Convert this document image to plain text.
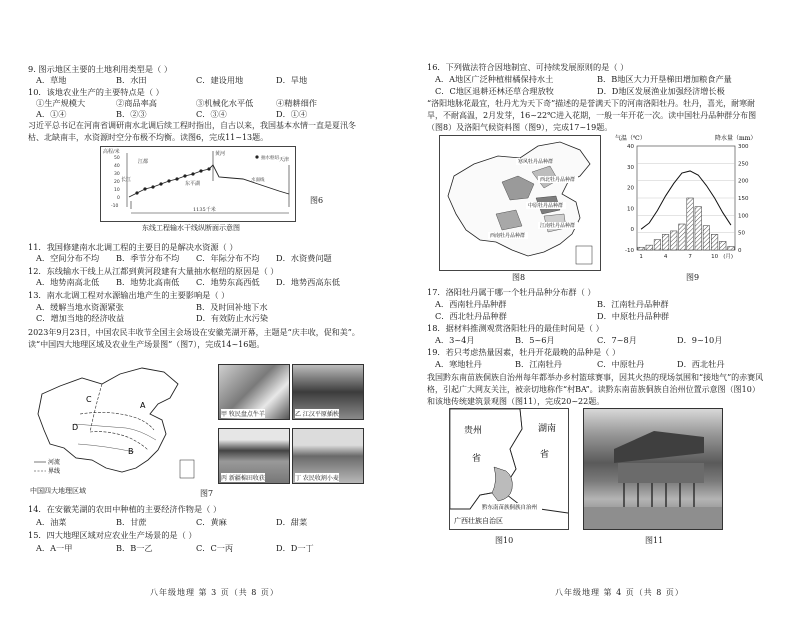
9. 图示地区主要的土地利用类型是（ ）
A．草地	B．水田	C．建设用地	D．旱地
10．该地农业生产的主要特点是（ ）
①生产规模大	②商品率高	③机械化水平低	④精耕细作
A．①④	B．②③	C．③④	D．①④
习近平总书记在河南省调研南水北调后续工程时指出，自古以来，我国基本水情一直是夏汛冬枯、北缺南丰，水资源时空分布极不均衡。读图6，完成11~13题。
50
40
30
20
10
0
-10
高程/米
江都
长江
黄河
东平湖
天津
抽水枢纽
水面线
1135千米
图6
东线工程输水干线纵断面示意图
11．我国修建南水北调工程的主要目的是解决水资源（ ）
A．空间分布不均	B．季节分布不均	C．年际分布不均	D．水资费问题
12．东线输水干线上从江都到黄河段建有大量抽水枢纽的原因是（ ）
A．地势南高北低	B．地势北高南低	C．地势东高西低	D．地势西高东低
13．南水北调工程对水源输出地产生的主要影响是（ ）
A．缓解当地水资源紧张	B．及时回补地下水
C．增加当地的经济收益	D．有效防止水污染
2023年9月23日，中国农民丰收节全国主会场设在安徽芜湖开幕，主题是“庆丰收，促和美”。读“中国四大地理区域及农业生产场景图”（图7），完成14~16题。
C
D
A
B
河流
界线
中国四大地理区域
甲 牧民盘点牛羊	乙 江汉平原插秧
丙 新疆棉田收获	丁 农民收割小麦
图7
14．在安徽芜湖的农田中种植的主要经济作物是（ ）
A．油菜	B．甘蔗	C．黄麻	D．甜菜
15．四大地理区域对应农业生产场景的是（ ）
A．A一甲	B．B一乙	C．C一丙	D．D一丁
八年级地理 第 3 页（共 8 页）
16．下列做法符合因地制宜、可持续发展原则的是（ ）
A．A地区广泛种植柑橘保持水土	B．B地区大力开垦梯田增加粮食产量
C．C地区退耕还林还草合理放牧	D．D地区发展渔业加强经济增长极
“洛阳地脉花最宜，牡丹尤为天下奇”描述的是誉满天下的河南洛阳牡丹。牡丹，喜光，耐寒耐旱，不耐高温，2月发芽，16~22℃进入花期，一般一年开花一次。读中国牡丹品种群分布图（图8）及洛阳气候资料图（图9），完成17~19题。
寒风牡丹品种群
西北牡丹品种群
中原牡丹品种群
江南牡丹品种群
西南牡丹品种群
图8
气温（℃）	降水量（mm）
40
30
20
10
0
-10
300
250
200
150
100
50
0
1	4	7	10 (月)
图9
17．洛阳牡丹属于哪一个牡丹品种分布群（ ）
A．西南牡丹品种群	B．江南牡丹品种群
C．西北牡丹品种群	D．中原牡丹品种群
18．据材料推测观赏洛阳牡丹的最佳时间是（ ）
A．3~4月	B．5~6月	C．7~8月	D．9~10月
19．若只考虑热量因素，牡丹开花最晚的品种是（ ）
A．寒地牡丹	B．江南牡丹	C．中原牡丹	D．西北牡丹
我国黔东南苗族侗族自治州每年都举办乡村篮球赛事，因其火热的现场氛围和“接地气”的赤赛风格，引起广大网友关注，被亲切地称作“村BA”。读黔东南苗族侗族自治州位置示意图（图10）和该地传统建筑景观图（图11），完成20~22题。
贵州
省
湖南
省
黔东南苗族侗族自治州
广西壮族自治区
图10	图11
八年级地理 第 4 页（共 8 页）
